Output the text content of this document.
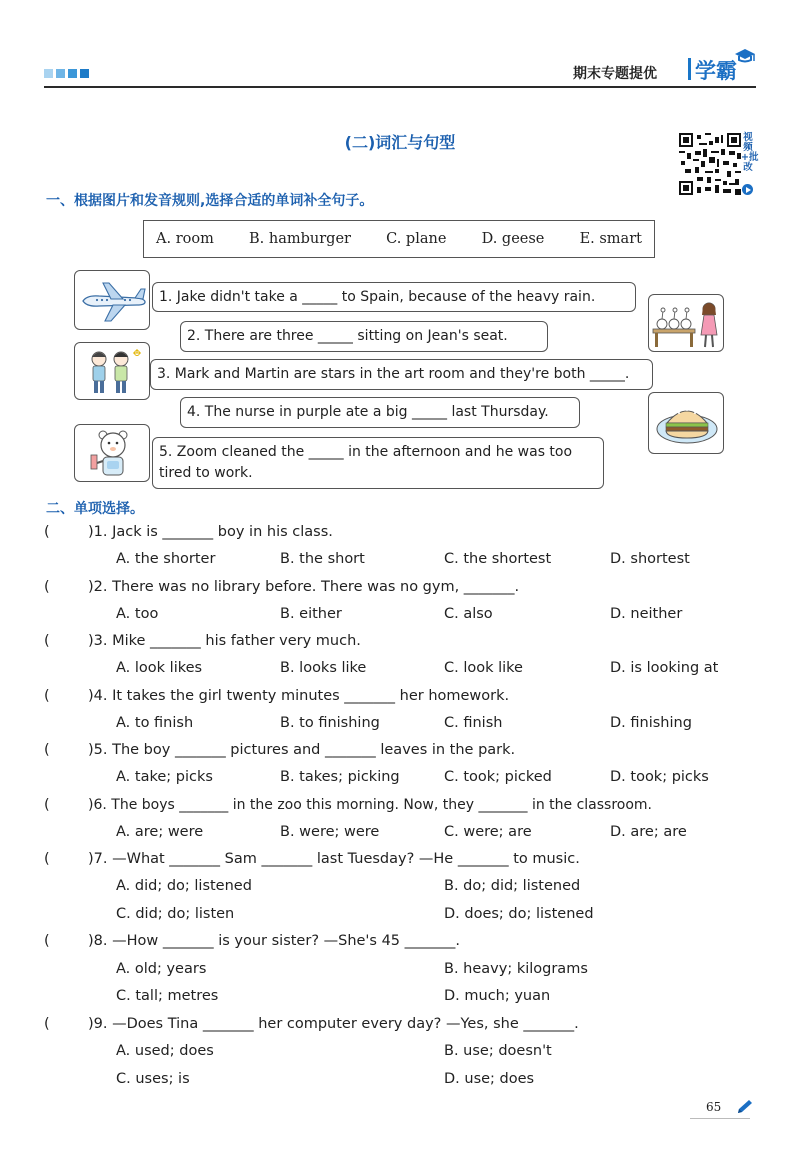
期末专题提优 学霸
(二)词汇与句型	视频+批改
一、根据图片和发音规则,选择合适的单词补全句子。
A. room B. hamburger C. plane D. geese E. smart
1. Jake didn't take a _____ to Spain, because of the heavy rain.
2. There are three _____ sitting on Jean's seat.
3. Mark and Martin are stars in the art room and they're both _____.
4. The nurse in purple ate a big _____ last Thursday.
5. Zoom cleaned the _____ in the afternoon and he was too tired to work.
二、单项选择。
(	)1. Jack is _______ boy in his class.
A. the shorter	B. the short	C. the shortest	D. shortest
(	)2. There was no library before. There was no gym, _______.
A. too	B. either	C. also	D. neither
(	)3. Mike _______ his father very much.
A. look likes	B. looks like	C. look like	D. is looking at
(	)4. It takes the girl twenty minutes _______ her homework.
A. to finish	B. to finishing	C. finish	D. finishing
(	)5. The boy _______ pictures and _______ leaves in the park.
A. take; picks	B. takes; picking	C. took; picked	D. took; picks
(	)6. The boys _______ in the zoo this morning. Now, they _______ in the classroom.
A. are; were	B. were; were	C. were; are	D. are; are
(	)7. —What _______ Sam _______ last Tuesday? —He _______ to music.
A. did; do; listened	B. do; did; listened
C. did; do; listen	D. does; do; listened
(	)8. —How _______ is your sister? —She's 45 _______.
A. old; years	B. heavy; kilograms
C. tall; metres	D. much; yuan
(	)9. —Does Tina _______ her computer every day? —Yes, she _______.
A. used; does	B. use; doesn't
C. uses; is	D. use; does
65
